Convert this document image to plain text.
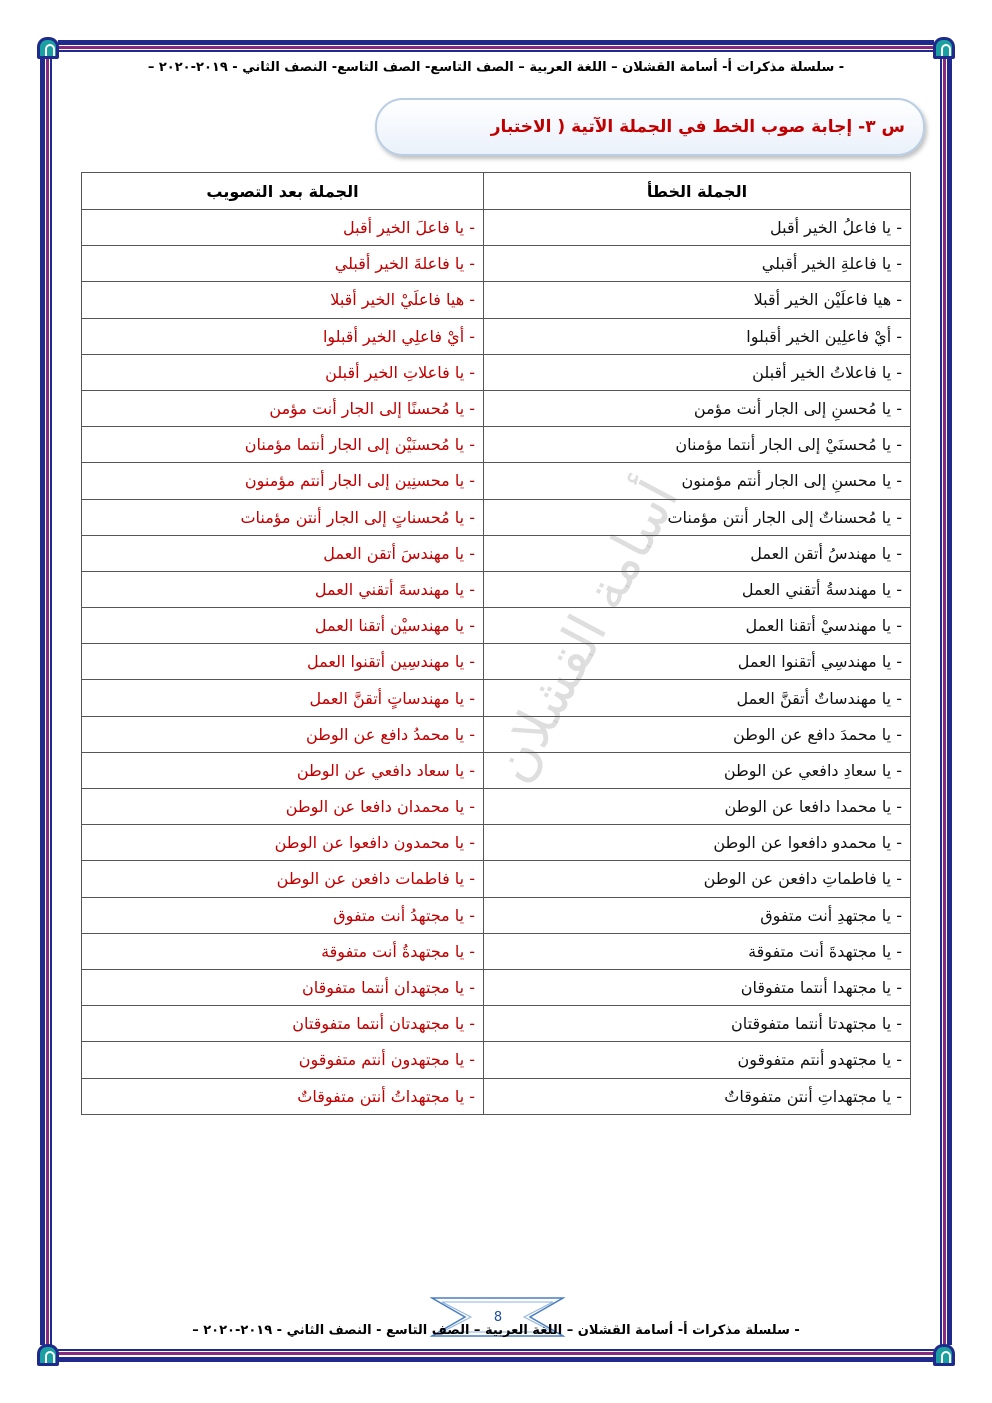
- سلسلة مذكرات أ- أسامة القشلان – اللغة العربية – الصف التاسع- الصف التاسع- النصف الثاني - ٢٠١٩-٢٠٢٠ –
س ٣- إجابة صوب الخط في الجملة الآتية ( الاختبار
أسامة القشلان
الجملة الخطأ	الجملة بعد التصويب
- يا فاعلُ الخير أقبل	- يا فاعلَ الخير أقبل
- يا فاعلةِ الخير أقبلي	- يا فاعلةَ الخير أقبلي
- هيا فاعلَيْن الخير أقبلا	- هيا فاعلَيْ الخير أقبلا
- أيْ فاعلِين الخير أقبلوا	- أيْ فاعلِي الخير أقبلوا
- يا فاعلاتُ الخير أقبلن	- يا فاعلاتِ الخير أقبلن
- يا مُحسنِ إلى الجار أنت مؤمن	- يا مُحسنًا إلى الجار أنت مؤمن
- يا مُحسنَيْ إلى الجار أنتما مؤمنان	- يا مُحسنَيْن إلى الجار أنتما مؤمنان
- يا محسنِ إلى الجار أنتم مؤمنون	- يا محسنِين إلى الجار أنتم مؤمنون
- يا مُحسناتٌ إلى الجار أنتن مؤمنات	- يا مُحسناتٍ إلى الجار أنتن مؤمنات
- يا مهندسُ أتقن العمل	- يا مهندسَ أتقن العمل
- يا مهندسةُ أتقني العمل	- يا مهندسةَ أتقني العمل
- يا مهندسيْ أتقنا العمل	- يا مهندسيْن أتقنا العمل
- يا مهندسِي أتقنوا العمل	- يا مهندسِين أتقنوا العمل
- يا مهندساتٌ أتقنَّ العمل	- يا مهندساتٍ أتقنَّ العمل
- يا محمدَ دافع عن الوطن	- يا محمدُ دافع عن الوطن
- يا سعادِ دافعي عن الوطن	- يا سعاد دافعي عن الوطن
- يا محمدا دافعا عن الوطن	- يا محمدان دافعا عن الوطن
- يا محمدو دافعوا عن الوطن	- يا محمدون دافعوا عن الوطن
- يا فاطماتِ دافعن عن الوطن	- يا فاطمات دافعن عن الوطن
- يا مجتهدِ أنت متفوق	- يا مجتهدُ أنت متفوق
- يا مجتهدةَ أنت متفوقة	- يا مجتهدةُ أنت متفوقة
- يا مجتهدا أنتما متفوقان	- يا مجتهدان أنتما متفوقان
- يا مجتهدتا أنتما متفوقتان	- يا مجتهدتان أنتما متفوقتان
- يا مجتهدو أنتم متفوقون	- يا مجتهدون أنتم متفوقون
- يا مجتهداتِ أنتن متفوقاتٌ	- يا مجتهداتُ أنتن متفوقاتٌ
- سلسلة مذكرات أ- أسامة القشلان – اللغة العربية – الصف التاسع - النصف الثاني - ٢٠١٩-٢٠٢٠ –
8
